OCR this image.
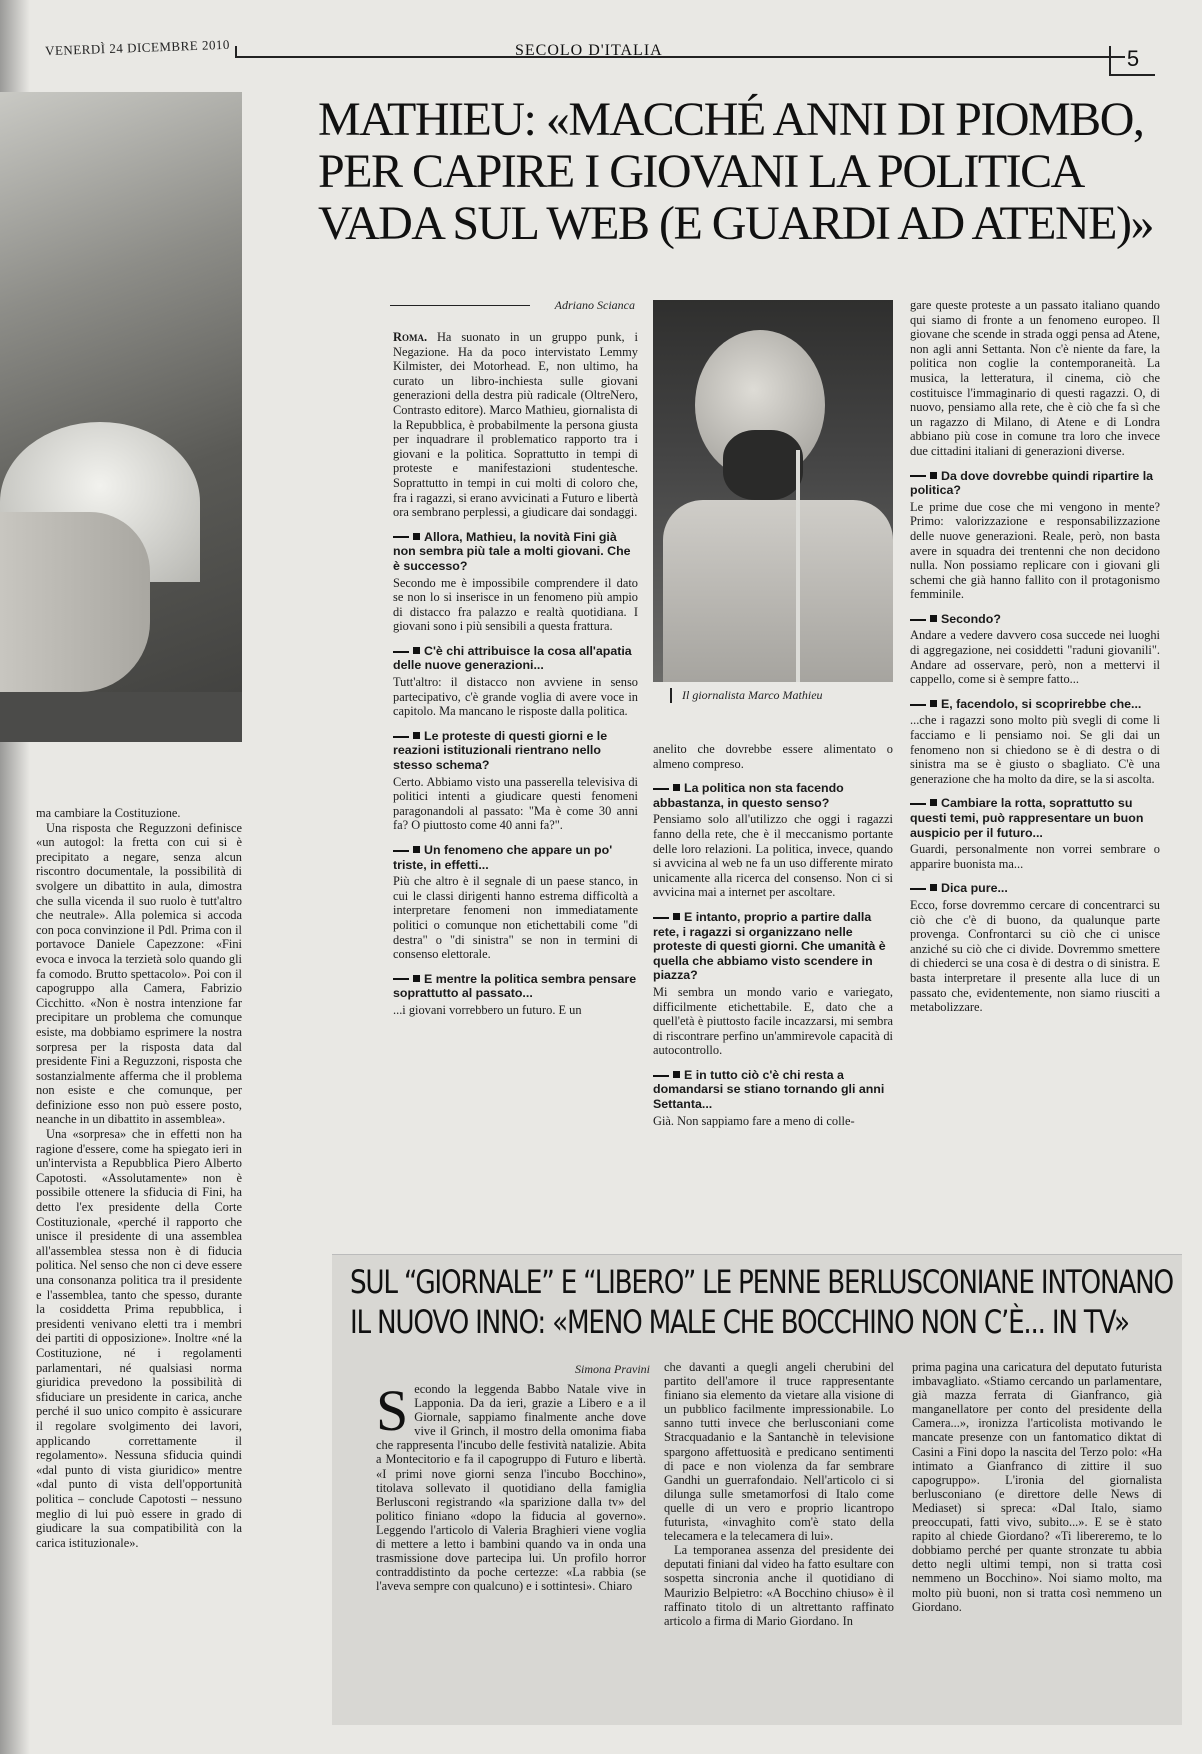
VENERDÌ 24 DICEMBRE 2010	SECOLO D'ITALIA	5
MATHIEU: «MACCHÉ ANNI DI PIOMBO, PER CAPIRE I GIOVANI LA POLITICA VADA SUL WEB (E GUARDI AD ATENE)»
Adriano Scianca

Roma. Ha suonato in un gruppo punk, i Negazione. Ha da poco intervistato Lemmy Kilmister, dei Motorhead. E, non ultimo, ha curato un libro-inchiesta sulle giovani generazioni della destra più radicale (OltreNero, Contrasto editore). Marco Mathieu, giornalista di la Repubblica, è probabilmente la persona giusta per inquadrare il problematico rapporto tra i giovani e la politica. Soprattutto in tempi di proteste e manifestazioni studentesche. Soprattutto in tempi in cui molti di coloro che, fra i ragazzi, si erano avvicinati a Futuro e libertà ora sembrano perplessi, a giudicare dai sondaggi.

Allora, Mathieu, la novità Fini già non sembra più tale a molti giovani. Che è successo?

Secondo me è impossibile comprendere il dato se non lo si inserisce in un fenomeno più ampio di distacco fra palazzo e realtà quotidiana. I giovani sono i più sensibili a questa frattura.

C'è chi attribuisce la cosa all'apatia delle nuove generazioni...

Tutt'altro: il distacco non avviene in senso partecipativo, c'è grande voglia di avere voce in capitolo. Ma mancano le risposte dalla politica.

Le proteste di questi giorni e le reazioni istituzionali rientrano nello stesso schema?

Certo. Abbiamo visto una passerella televisiva di politici intenti a giudicare questi fenomeni paragonandoli al passato: "Ma è come 30 anni fa? O piuttosto come 40 anni fa?".

Un fenomeno che appare un po' triste, in effetti...

Più che altro è il segnale di un paese stanco, in cui le classi dirigenti hanno estrema difficoltà a interpretare fenomeni non immediatamente politici o comunque non etichettabili come "di destra" o "di sinistra" se non in termini di consenso elettorale.

E mentre la politica sembra pensare soprattutto al passato...

...i giovani vorrebbero un futuro. E un

Il giornalista Marco Mathieu

anelito che dovrebbe essere alimentato o almeno compreso.

La politica non sta facendo abbastanza, in questo senso?

Pensiamo solo all'utilizzo che oggi i ragazzi fanno della rete, che è il meccanismo portante delle loro relazioni. La politica, invece, quando si avvicina al web ne fa un uso differente mirato unicamente alla ricerca del consenso. Non ci si avvicina mai a internet per ascoltare.

E intanto, proprio a partire dalla rete, i ragazzi si organizzano nelle proteste di questi giorni. Che umanità è quella che abbiamo visto scendere in piazza?

Mi sembra un mondo vario e variegato, difficilmente etichettabile. E, dato che a quell'età è piuttosto facile incazzarsi, mi sembra di riscontrare perfino un'ammirevole capacità di autocontrollo.

E in tutto ciò c'è chi resta a domandarsi se stiano tornando gli anni Settanta...

Già. Non sappiamo fare a meno di colle-

gare queste proteste a un passato italiano quando qui siamo di fronte a un fenomeno europeo. Il giovane che scende in strada oggi pensa ad Atene, non agli anni Settanta. Non c'è niente da fare, la politica non coglie la contemporaneità. La musica, la letteratura, il cinema, ciò che costituisce l'immaginario di questi ragazzi. O, di nuovo, pensiamo alla rete, che è ciò che fa sì che un ragazzo di Milano, di Atene e di Londra abbiano più cose in comune tra loro che invece due cittadini italiani di generazioni diverse.

Da dove dovrebbe quindi ripartire la politica?

Le prime due cose che mi vengono in mente? Primo: valorizzazione e responsabilizzazione delle nuove generazioni. Reale, però, non basta avere in squadra dei trentenni che non decidono nulla. Non possiamo replicare con i giovani gli schemi che già hanno fallito con il protagonismo femminile.

Secondo?

Andare a vedere davvero cosa succede nei luoghi di aggregazione, nei cosiddetti "raduni giovanili". Andare ad osservare, però, non a mettervi il cappello, come si è sempre fatto...

E, facendolo, si scoprirebbe che...

...che i ragazzi sono molto più svegli di come li facciamo e li pensiamo noi. Se gli dai un fenomeno non si chiedono se è di destra o di sinistra ma se è giusto o sbagliato. C'è una generazione che ha molto da dire, se la si ascolta.

Cambiare la rotta, soprattutto su questi temi, può rappresentare un buon auspicio per il futuro...

Guardi, personalmente non vorrei sembrare o apparire buonista ma...

Dica pure...

Ecco, forse dovremmo cercare di concentrarci su ciò che c'è di buono, da qualunque parte provenga. Confrontarci su ciò che ci unisce anziché su ciò che ci divide. Dovremmo smettere di chiederci se una cosa è di destra o di sinistra. E basta interpretare il presente alla luce di un passato che, evidentemente, non siamo riusciti a metabolizzare.

ma cambiare la Costituzione.

Una risposta che Reguzzoni definisce «un autogol: la fretta con cui si è precipitato a negare, senza alcun riscontro documentale, la possibilità di svolgere un dibattito in aula, dimostra che sulla vicenda il suo ruolo è tutt'altro che neutrale». Alla polemica si accoda con poca convinzione il Pdl. Prima con il portavoce Daniele Capezzone: «Fini evoca e invoca la terzietà solo quando gli fa comodo. Brutto spettacolo». Poi con il capogruppo alla Camera, Fabrizio Cicchitto. «Non è nostra intenzione far precipitare un problema che comunque esiste, ma dobbiamo esprimere la nostra sorpresa per la risposta data dal presidente Fini a Reguzzoni, risposta che sostanzialmente afferma che il problema non esiste e che comunque, per definizione esso non può essere posto, neanche in un dibattito in assemblea».

Una «sorpresa» che in effetti non ha ragione d'essere, come ha spiegato ieri in un'intervista a Repubblica Piero Alberto Capotosti. «Assolutamente» non è possibile ottenere la sfiducia di Fini, ha detto l'ex presidente della Corte Costituzionale, «perché il rapporto che unisce il presidente di una assemblea all'assemblea stessa non è di fiducia politica. Nel senso che non ci deve essere una consonanza politica tra il presidente e l'assemblea, tanto che spesso, durante la cosiddetta Prima repubblica, i presidenti venivano eletti tra i membri dei partiti di opposizione». Inoltre «né la Costituzione, né i regolamenti parlamentari, né qualsiasi norma giuridica prevedono la possibilità di sfiduciare un presidente in carica, anche perché il suo unico compito è assicurare il regolare svolgimento dei lavori, applicando correttamente il regolamento». Nessuna sfiducia quindi «dal punto di vista giuridico» mentre «dal punto di vista dell'opportunità politica – conclude Capotosti – nessuno meglio di lui può essere in grado di giudicare la sua compatibilità con la carica istituzionale».

SUL “GIORNALE” E “LIBERO” LE PENNE BERLUSCONIANE INTONANO
IL NUOVO INNO: «MENO MALE CHE BOCCHINO NON C’È... IN TV»
Simona Pravini
Secondo la leggenda Babbo Natale vive in Lapponia. Da da ieri, grazie a Libero e a il Giornale, sappiamo finalmente anche dove vive il Grinch, il mostro della omonima fiaba che rappresenta l'incubo delle festività natalizie. Abita a Montecitorio e fa il capogruppo di Futuro e libertà. «I primi nove giorni senza l'incubo Bocchino», titolava sollevato il quotidiano della famiglia Berlusconi registrando «la sparizione dalla tv» del politico finiano «dopo la fiducia al governo». Leggendo l'articolo di Valeria Braghieri viene voglia di mettere a letto i bambini quando va in onda una trasmissione dove partecipa lui. Un profilo horror contraddistinto da poche certezze: «La rabbia (se l'aveva sempre con qualcuno) e i sottintesi». Chiaro

che davanti a quegli angeli cherubini del partito dell'amore il truce rappresentante finiano sia elemento da vietare alla visione di un pubblico facilmente impressionabile. Lo sanno tutti invece che berlusconiani come Stracquadanio e la Santanchè in televisione spargono affettuosità e predicano sentimenti di pace e non violenza da far sembrare Gandhi un guerrafondaio. Nell'articolo ci si dilunga sulle smetamorfosi di Italo come quelle di un vero e proprio licantropo futurista, «invaghito com'è stato della telecamera e la telecamera di lui».

La temporanea assenza del presidente dei deputati finiani dal video ha fatto esultare con sospetta sincronia anche il quotidiano di Maurizio Belpietro: «A Bocchino chiuso» è il raffinato titolo di un altrettanto raffinato articolo a firma di Mario Giordano. In

prima pagina una caricatura del deputato futurista imbavagliato. «Stiamo cercando un parlamentare, già mazza ferrata di Gianfranco, già manganellatore per conto del presidente della Camera...», ironizza l'articolista motivando le mancate presenze con un fantomatico diktat di Casini a Fini dopo la nascita del Terzo polo: «Ha intimato a Gianfranco di zittire il suo capogruppo». L'ironia del giornalista berlusconiano (e direttore delle News di Mediaset) si spreca: «Dal Italo, siamo preoccupati, fatti vivo, subito...». E se è stato rapito al chiede Giordano? «Ti libereremo, te lo dobbiamo perché per quante stronzate tu abbia detto negli ultimi tempi, non si tratta così nemmeno un Bocchino». Noi siamo molto, ma molto più buoni, non si tratta così nemmeno un Giordano.
